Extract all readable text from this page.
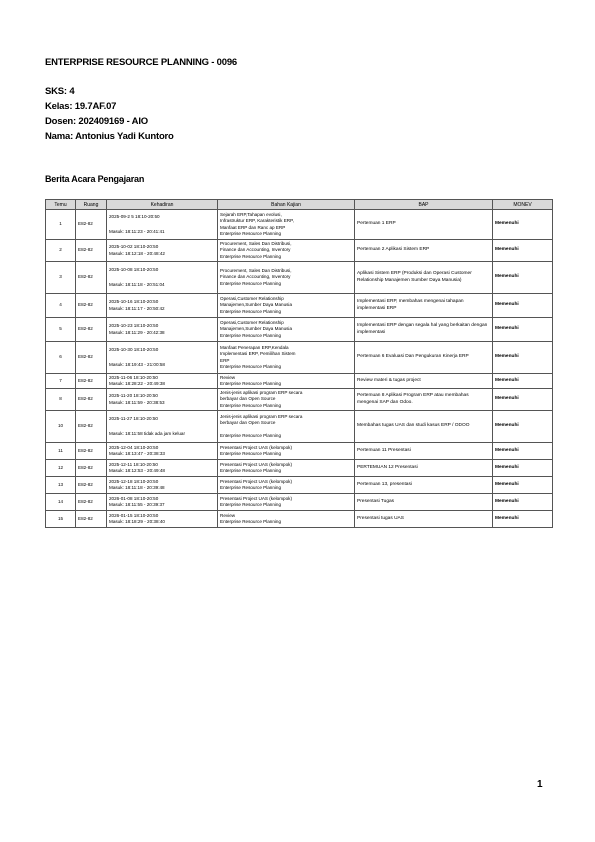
ENTERPRISE RESOURCE PLANNING - 0096
SKS: 4
Kelas: 19.7AF.07
Dosen: 202409169 - AIO
Nama: Antonius Yadi Kuntoro
Berita Acara Pengajaran
Temu	Ruang	Kehadiran	Bahan Kajian	BAP	MONEV
1	E82-82	2025-09-2 5 18:10-20:50
Masuk: 18:11:23 - 20:41:41	Sejarah ERP,Tahapan evolusi,
Infrastruktur ERP, Karakteristik ERP,
Manfaat ERP dan Ranc ap ERP
Enterprise Resource Planning	Pertemuan 1 ERP	Memenuhi
2	E82-82	2025-10-02 18:10-20:50
Masuk: 18:12:18 - 20:48:42	Procurement, Sales Dan Distribusi,
Finance dan Accounting, Inventory
Enterprise Resource Planning	Pertemuan 2 Aplikasi Sistem ERP	Memenuhi
3	E82-82	2025-10-08 18:10-20:50
Masuk: 18:11:18 - 20:51:04	Procurement, Sales Dan Distribusi,
Finance dan Accounting, Inventory
Enterprise Resource Planning	Aplikasi Sistem ERP (Produksi dan Operasi Customer Relationship Manajemen Sumber Daya Manusia)	Memenuhi
4	E82-82	2025-10-16 18:10-20:50
Masuk: 18:11:17 - 20:50:42	Operasi,Customer Relationship
Manajemen,Sumber Daya Manusia
Enterprise Resource Planning	Implementasi ERP, membahas mengenai tahapan implementasi ERP	Memenuhi
5	E82-82	2025-10-23 18:10-20:50
Masuk: 18:11:29 - 20:42:38	Operasi,Customer Relationship
Manajemen,Sumber Daya Manusia
Enterprise Resource Planning	Implementasi ERP dengan segala hal yang berkaitan dengan implementasi	Memenuhi
6	E82-82	2025-10-30 18:10-20:50
Masuk: 18:19:43 - 21:00:58	Manfaat Penerapan ERP,Kendala
Implementasi ERP, Pemilihan Sistem
ERP
Enterprise Resource Planning	Pertemuan 6 Evaluasi Dan Pengukuran Kinerja ERP	Memenuhi
7	E82-82	2025-11-06 18:10-20:50
Masuk: 18:28:22 - 20:49:38	Review
Enterprise Resource Planning	Review materi & tugas project	Memenuhi
8	E82-82	2025-11-20 18:10-20:50
Masuk: 18:11:59 - 20:38:53	Jenis-jenis aplikasi program ERP secara
berbayar dan Open Source
Enterprise Resource Planning	Pertemuan 8 Aplikasi Program ERP atau membahas mengenai SAP dan Odoo.	Memenuhi
10	E82-82	2025-11-27 18:10-20:50
Masuk: 18:11:58 tidak ada jam keluar	Jenis-jenis aplikasi program ERP secara
berbayar dan Open Source

Enterprise Resource Planning	Membahas tugas UAS dan studi kasus ERP / ODOO	Memenuhi
11	E82-82	2025-12-04 18:10-20:50
Masuk: 18:13:47 - 20:38:33	Presentasi Project UAS (kelompok)
Enterprise Resource Planning	Pertemuan 11 Presentasi	Memenuhi
12	E82-82	2025-12-11 18:10-20:50
Masuk: 18:12:53 - 20:49:48	Presentasi Project UAS (kelompok)
Enterprise Resource Planning	PERTEMUAN 12 Presentasi	Memenuhi
13	E82-82	2025-12-18 18:10-20:50
Masuk: 18:11:18 - 20:39:48	Presentasi Project UAS (kelompok)
Enterprise Resource Planning	Pertemuan 13, presentasi	Memenuhi
14	E82-82	2026-01-08 18:10-20:50
Masuk: 18:11:55 - 20:39:37	Presentasi Project UAS (kelompok)
Enterprise Resource Planning	Presentasi Tugas	Memenuhi
15	E82-82	2026-01-15 18:10-20:50
Masuk: 18:18:29 - 20:38:40	Review
Enterprise Resource Planning	Presentasi tugas UAS	Memenuhi
1
